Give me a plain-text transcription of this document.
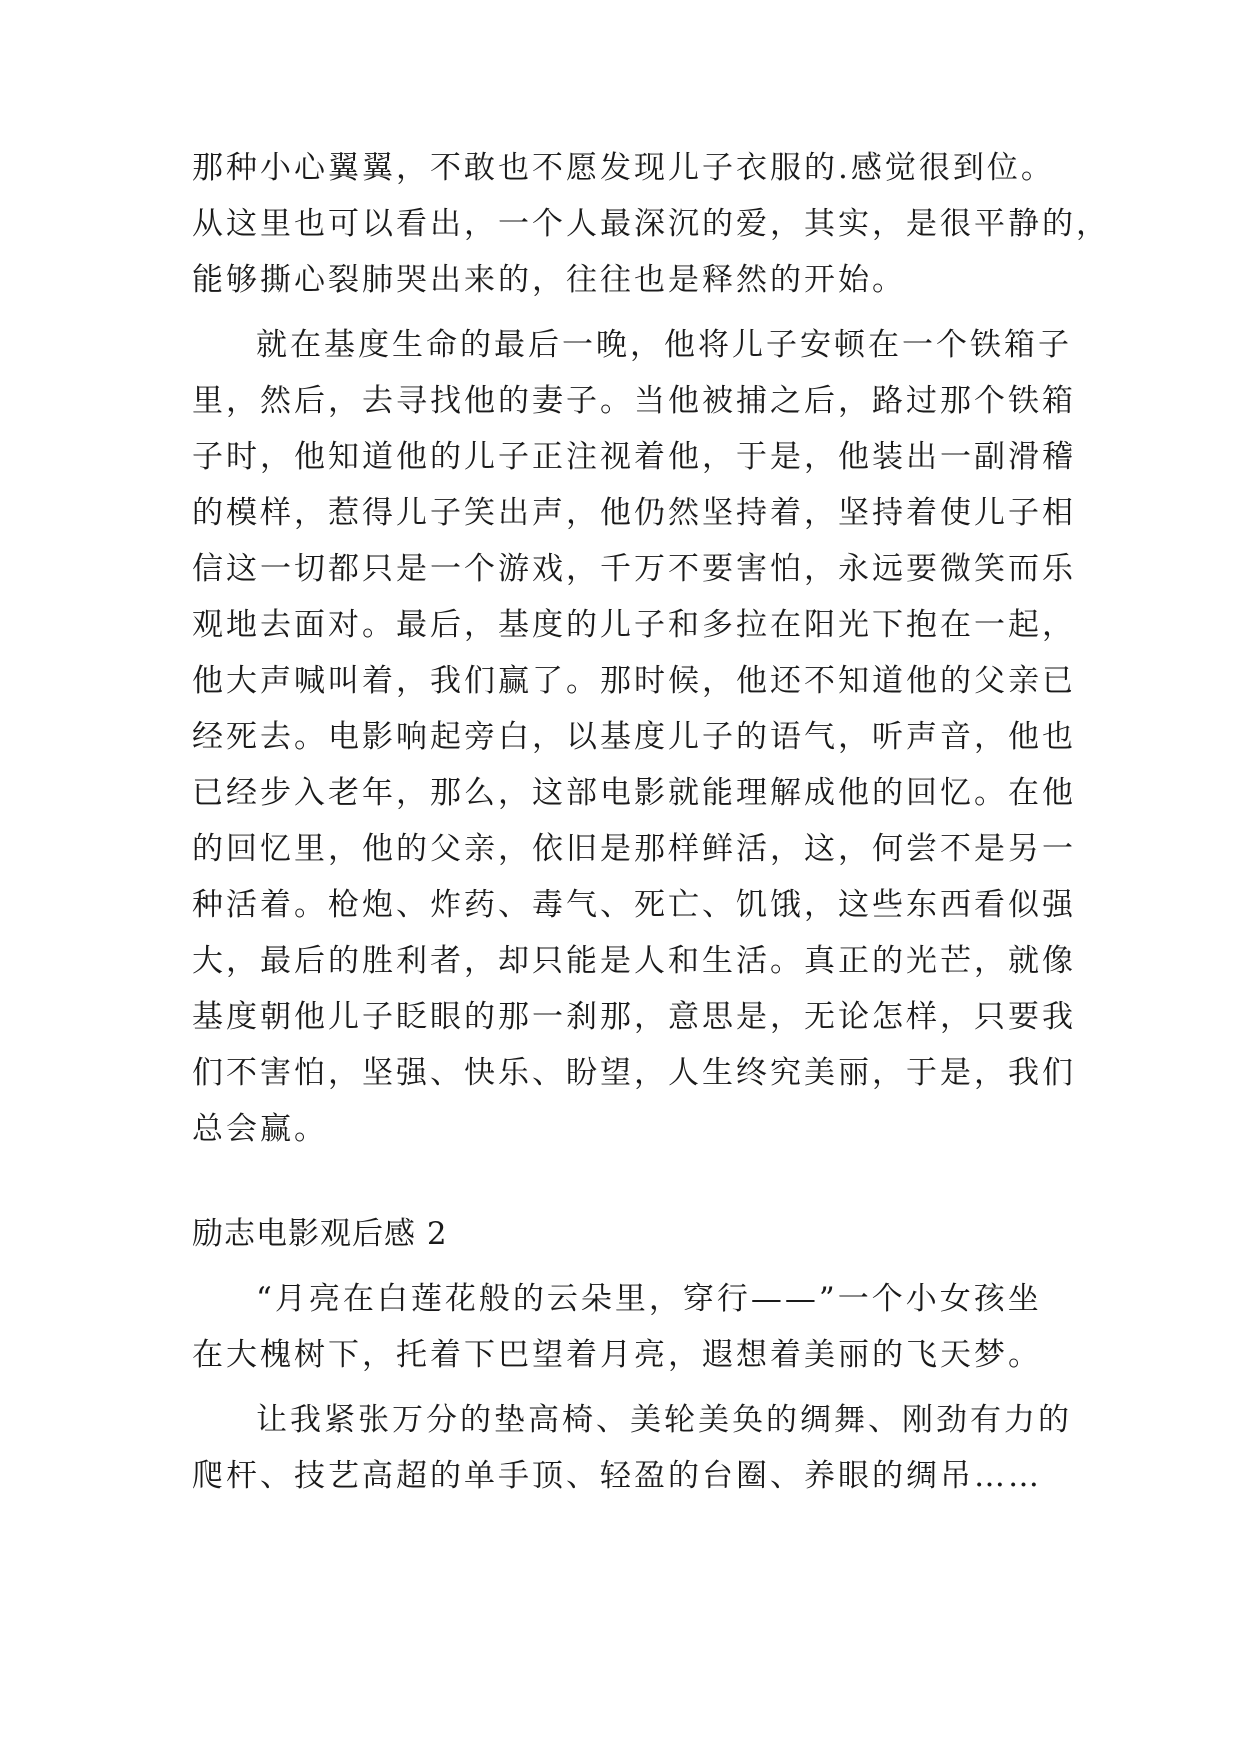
那种小心翼翼，不敢也不愿发现儿子衣服的.感觉很到位。
从这里也可以看出，一个人最深沉的爱，其实，是很平静的，
能够撕心裂肺哭出来的，往往也是释然的开始。
就在基度生命的最后一晚，他将儿子安顿在一个铁箱子
里，然后，去寻找他的妻子。当他被捕之后，路过那个铁箱
子时，他知道他的儿子正注视着他，于是，他装出一副滑稽
的模样，惹得儿子笑出声，他仍然坚持着，坚持着使儿子相
信这一切都只是一个游戏，千万不要害怕，永远要微笑而乐
观地去面对。最后，基度的儿子和多拉在阳光下抱在一起，
他大声喊叫着，我们赢了。那时候，他还不知道他的父亲已
经死去。电影响起旁白，以基度儿子的语气，听声音，他也
已经步入老年，那么，这部电影就能理解成他的回忆。在他
的回忆里，他的父亲，依旧是那样鲜活，这，何尝不是另一
种活着。枪炮、炸药、毒气、死亡、饥饿，这些东西看似强
大，最后的胜利者，却只能是人和生活。真正的光芒，就像
基度朝他儿子眨眼的那一刹那，意思是，无论怎样，只要我
们不害怕，坚强、快乐、盼望，人生终究美丽，于是，我们
总会赢。
励志电影观后感 2
“月亮在白莲花般的云朵里，穿行——”一个小女孩坐
在大槐树下，托着下巴望着月亮，遐想着美丽的飞天梦。
让我紧张万分的垫高椅、美轮美奂的绸舞、刚劲有力的
爬杆、技艺高超的单手顶、轻盈的台圈、养眼的绸吊……
